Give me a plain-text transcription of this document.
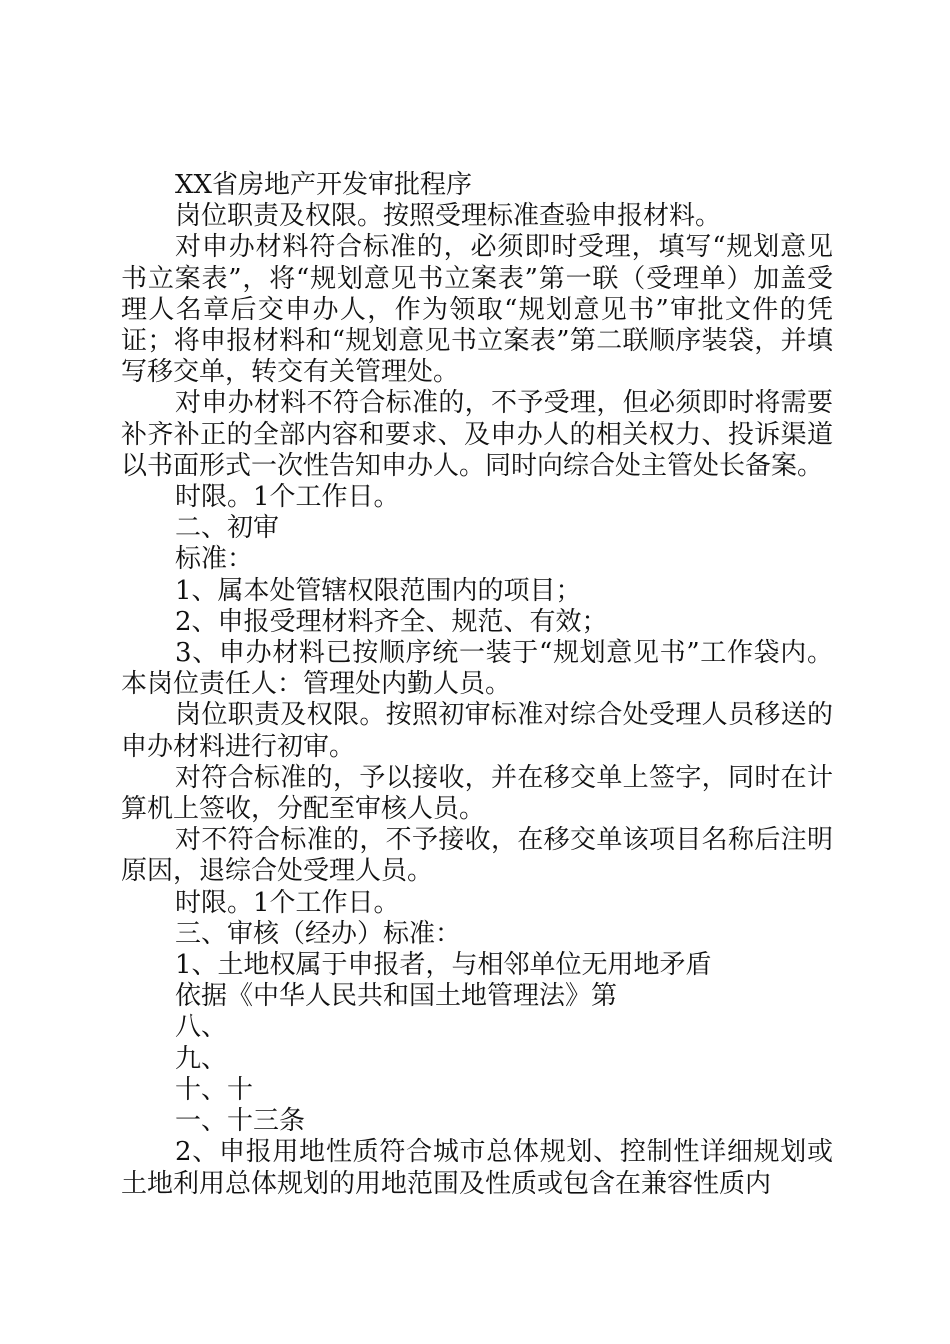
XX省房地产开发审批程序

岗位职责及权限。按照受理标准查验申报材料。

对申办材料符合标准的，必须即时受理，填写“规划意见书立案表”，将“规划意见书立案表”第一联（受理单）加盖受理人名章后交申办人，作为领取“规划意见书”审批文件的凭证；将申报材料和“规划意见书立案表”第二联顺序装袋，并填写移交单，转交有关管理处。

对申办材料不符合标准的，不予受理，但必须即时将需要补齐补正的全部内容和要求、及申办人的相关权力、投诉渠道以书面形式一次性告知申办人。同时向综合处主管处长备案。

时限。1个工作日。

二、初审

标准：

1、属本处管辖权限范围内的项目；

2、申报受理材料齐全、规范、有效；

3、申办材料已按顺序统一装于“规划意见书”工作袋内。本岗位责任人：管理处内勤人员。

岗位职责及权限。按照初审标准对综合处受理人员移送的申办材料进行初审。

对符合标准的，予以接收，并在移交单上签字，同时在计算机上签收，分配至审核人员。

对不符合标准的，不予接收，在移交单该项目名称后注明原因，退综合处受理人员。

时限。1个工作日。

三、审核（经办）标准：

1、土地权属于申报者，与相邻单位无用地矛盾

依据《中华人民共和国土地管理法》第

八、

九、

十、十

一、十三条

2、申报用地性质符合城市总体规划、控制性详细规划或土地利用总体规划的用地范围及性质或包含在兼容性质内
